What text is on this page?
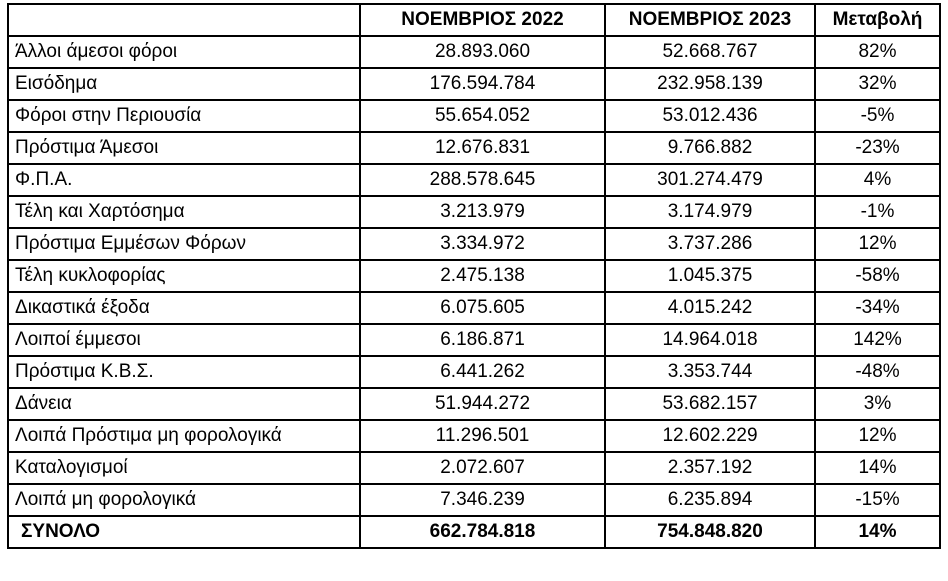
	ΝΟΕΜΒΡΙΟΣ 2022	ΝΟΕΜΒΡΙΟΣ 2023	Μεταβολή
Άλλοι άμεσοι φόροι	28.893.060	52.668.767	82%
Εισόδημα	176.594.784	232.958.139	32%
Φόροι στην Περιουσία	55.654.052	53.012.436	-5%
Πρόστιμα Άμεσοι	12.676.831	9.766.882	-23%
Φ.Π.Α.	288.578.645	301.274.479	4%
Τέλη και Χαρτόσημα	3.213.979	3.174.979	-1%
Πρόστιμα Εμμέσων Φόρων	3.334.972	3.737.286	12%
Τέλη κυκλοφορίας	2.475.138	1.045.375	-58%
Δικαστικά έξοδα	6.075.605	4.015.242	-34%
Λοιποί έμμεσοι	6.186.871	14.964.018	142%
Πρόστιμα Κ.Β.Σ.	6.441.262	3.353.744	-48%
Δάνεια	51.944.272	53.682.157	3%
Λοιπά Πρόστιμα μη φορολογικά	11.296.501	12.602.229	12%
Καταλογισμοί	2.072.607	2.357.192	14%
Λοιπά μη φορολογικά	7.346.239	6.235.894	-15%
ΣΥΝΟΛΟ	662.784.818	754.848.820	14%
